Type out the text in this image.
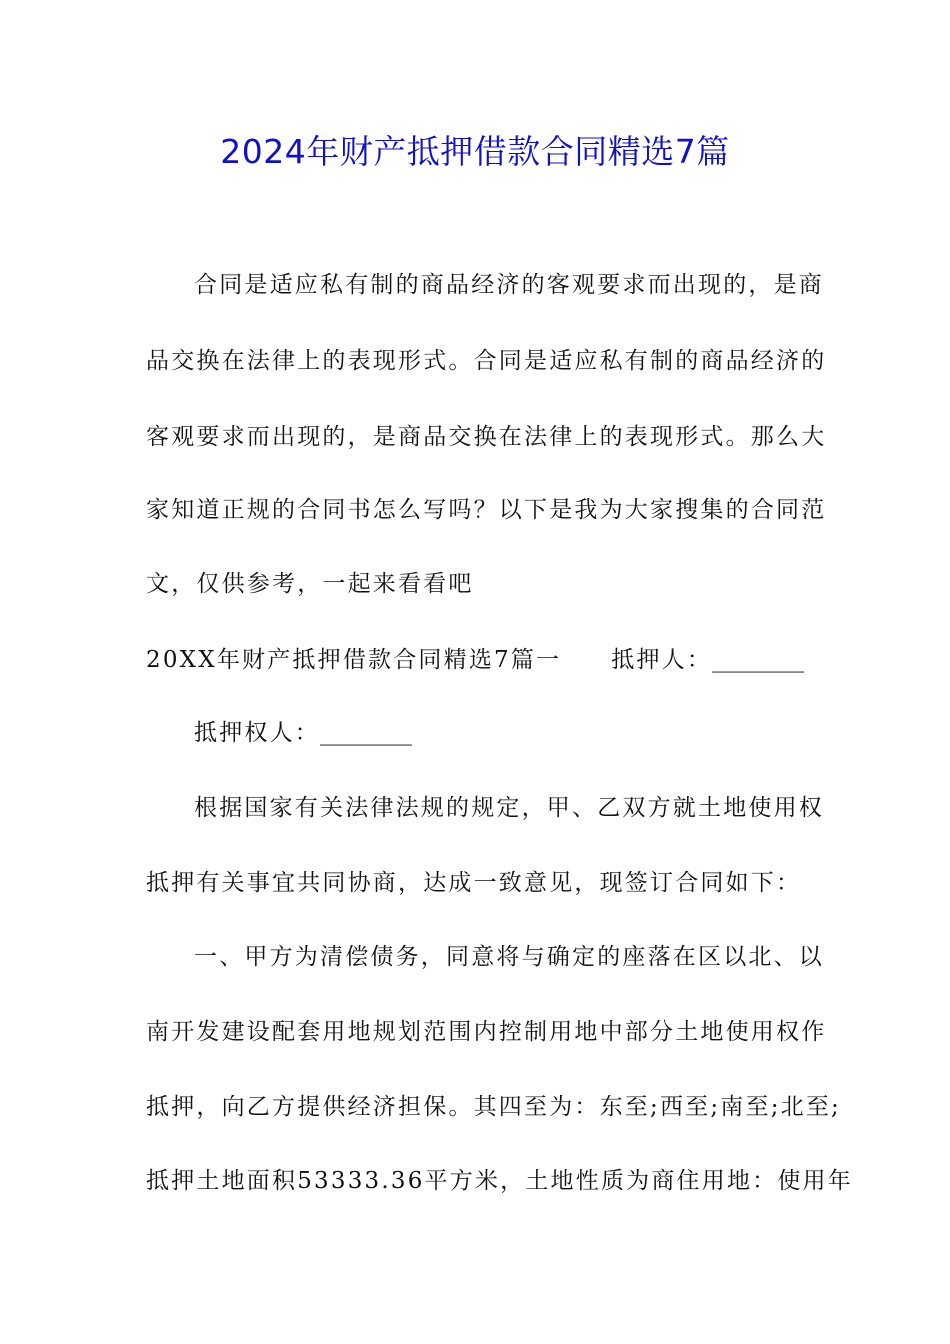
2024年财产抵押借款合同精选7篇
合同是适应私有制的商品经济的客观要求而出现的，是商
品交换在法律上的表现形式。合同是适应私有制的商品经济的
客观要求而出现的，是商品交换在法律上的表现形式。那么大
家知道正规的合同书怎么写吗？以下是我为大家搜集的合同范
文，仅供参考，一起来看看吧
20XX年财产抵押借款合同精选7篇一 抵押人：________
抵押权人：________
根据国家有关法律法规的规定，甲、乙双方就土地使用权
抵押有关事宜共同协商，达成一致意见，现签订合同如下：
一、甲方为清偿债务，同意将与确定的座落在区以北、以
南开发建设配套用地规划范围内控制用地中部分土地使用权作
抵押，向乙方提供经济担保。其四至为：东至;西至;南至;北至;
抵押土地面积53333.36平方米，土地性质为商住用地：使用年
